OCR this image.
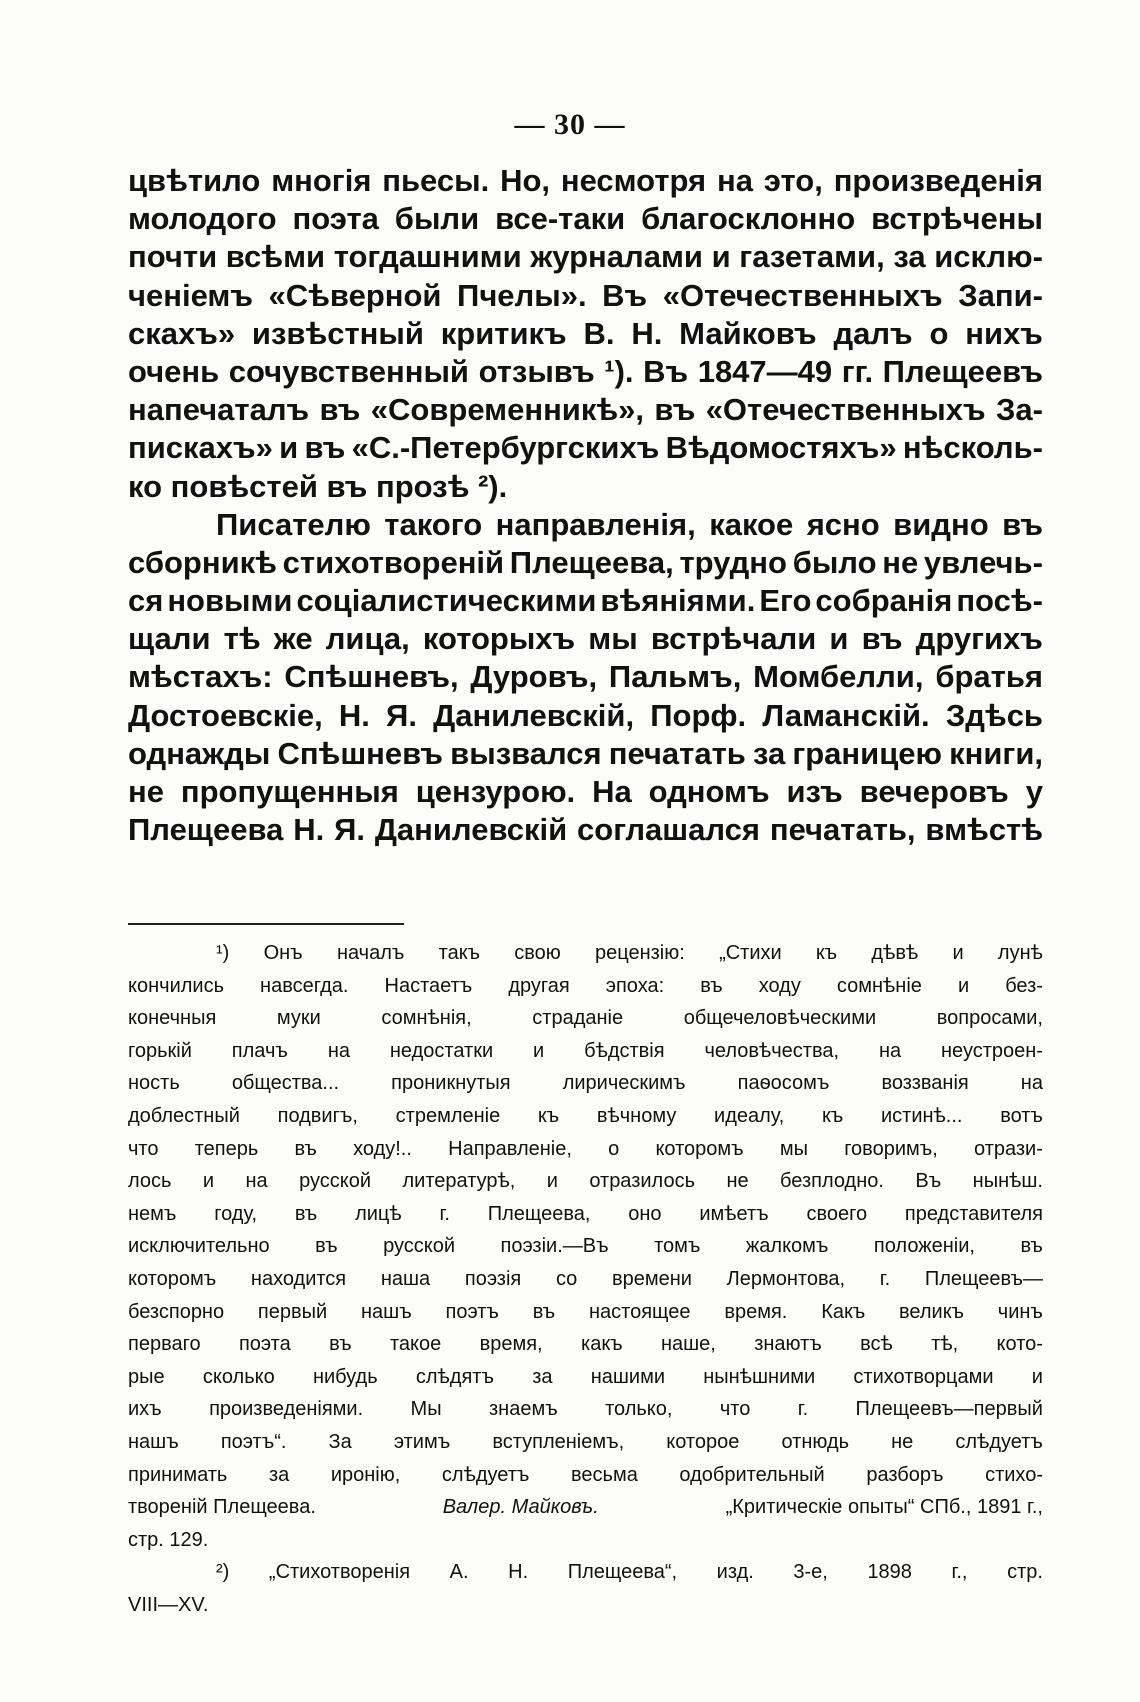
— 30 —
цвѣтило многія пьесы. Но, несмотря на это, произведенія
молодого поэта были все-таки благосклонно встрѣчены
почти всѣми тогдашними журналами и газетами, за исклю-
ченіемъ «Сѣверной Пчелы». Въ «Отечественныхъ Запи-
скахъ» извѣстный критикъ В. Н. Майковъ далъ о нихъ
очень сочувственный отзывъ ¹). Въ 1847—49 гг. Плещеевъ
напечаталъ въ «Современникѣ», въ «Отечественныхъ За-
пискахъ» и въ «С.-Петербургскихъ Вѣдомостяхъ» нѣсколь-
ко повѣстей въ прозѣ ²).
Писателю такого направленія, какое ясно видно въ
сборникѣ стихотвореній Плещеева, трудно было не увлечь-
ся новыми соціалистическими вѣяніями. Его собранія посѣ-
щали тѣ же лица, которыхъ мы встрѣчали и въ другихъ
мѣстахъ: Спѣшневъ, Дуровъ, Пальмъ, Момбелли, братья
Достоевскіе, Н. Я. Данилевскій, Порф. Ламанскій. Здѣсь
однажды Спѣшневъ вызвался печатать за границею книги,
не пропущенныя цензурою. На одномъ изъ вечеровъ у
Плещеева Н. Я. Данилевскій соглашался печатать, вмѣстѣ
¹) Онъ началъ такъ свою рецензію: „Стихи къ дѣвѣ и лунѣ
кончились навсегда. Настаетъ другая эпоха: въ ходу сомнѣніе и без-
конечныя	муки	сомнѣнія,	страданіе	общечеловѣческими	вопросами,
горькій плачъ на недостатки и бѣдствія человѣчества, на неустроен-
ность	общества...	проникнутыя	лирическимъ	паѳосомъ	воззванія	на
доблестный подвигъ, стремленіе къ вѣчному идеалу, къ истинѣ... вотъ
что теперь въ ходу!.. Направленіе, о которомъ мы говоримъ, отрази-
лось и на русской литературѣ, и отразилось не безплодно. Въ нынѣш.
немъ году, въ лицѣ г. Плещеева, оно имѣетъ своего представителя
исключительно въ русской поэзіи.—Въ томъ жалкомъ положеніи, въ
которомъ находится наша поэзія со времени Лермонтова, г. Плещеевъ—
безспорно первый нашъ поэтъ въ настоящее время. Какъ великъ чинъ
перваго поэта въ такое время, какъ наше, знаютъ всѣ тѣ, кото-
рые сколько нибудь слѣдятъ за нашими нынѣшними стихотворцами и
ихъ произведеніями. Мы знаемъ только, что г. Плещеевъ—первый
нашъ поэтъ“. За этимъ вступленіемъ, которое отнюдь не слѣдуетъ
принимать за иронію, слѣдуетъ весьма одобрительный разборъ стихо-
твореній Плещеева.	Валер. Майковъ.	„Критическіе опыты“ СПб., 1891 г.,
стр. 129.
²) „Стихотворенія А. Н. Плещеева“, изд. 3-е, 1898 г., стр.
VIII—XV.
